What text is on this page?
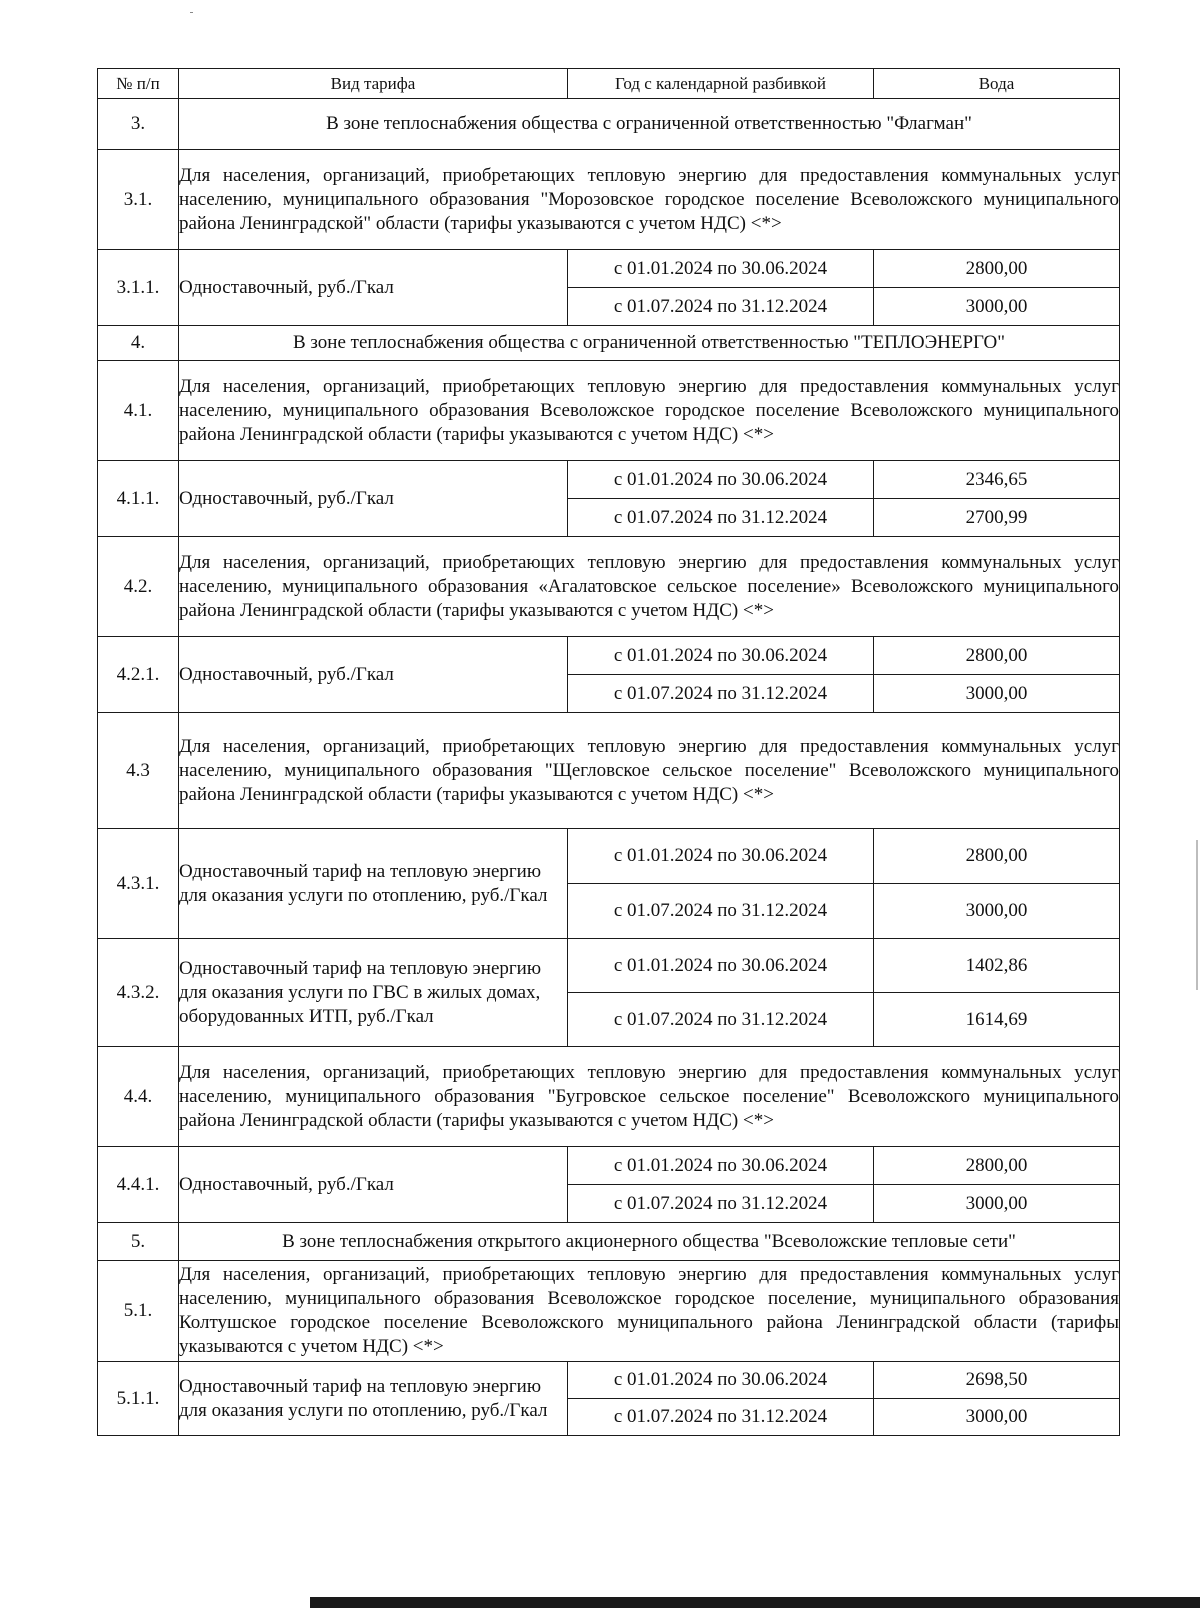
№ п/п	Вид тарифа	Год с календарной разбивкой	Вода
3.	В зоне теплоснабжения общества с ограниченной ответственностью "Флагман"		
3.1.	Для населения, организаций, приобретающих тепловую энергию для предоставления коммунальных услуг населению, муниципального образования "Морозовское городское поселение Всеволожского муниципального района Ленинградской" области (тарифы указываются с учетом НДС) <*>		
3.1.1.	Одноставочный, руб./Гкал	с 01.01.2024 по 30.06.2024	2800,00
		с 01.07.2024 по 31.12.2024	3000,00
4.	В зоне теплоснабжения общества с ограниченной ответственностью "ТЕПЛОЭНЕРГО"		
4.1.	Для населения, организаций, приобретающих тепловую энергию для предоставления коммунальных услуг населению, муниципального образования Всеволожское городское поселение Всеволожского муниципального района Ленинградской области (тарифы указываются с учетом НДС) <*>		
4.1.1.	Одноставочный, руб./Гкал	с 01.01.2024 по 30.06.2024	2346,65
		с 01.07.2024 по 31.12.2024	2700,99
4.2.	Для населения, организаций, приобретающих тепловую энергию для предоставления коммунальных услуг населению, муниципального образования «Агалатовское сельское поселение» Всеволожского муниципального района Ленинградской области (тарифы указываются с учетом НДС) <*>		
4.2.1.	Одноставочный, руб./Гкал	с 01.01.2024 по 30.06.2024	2800,00
		с 01.07.2024 по 31.12.2024	3000,00
4.3	Для населения, организаций, приобретающих тепловую энергию для предоставления коммунальных услуг населению, муниципального образования "Щегловское сельское поселение" Всеволожского муниципального района Ленинградской области (тарифы указываются с учетом НДС) <*>		
4.3.1.	Одноставочный тариф на тепловую энергию для оказания услуги по отоплению, руб./Гкал	с 01.01.2024 по 30.06.2024	2800,00
		с 01.07.2024 по 31.12.2024	3000,00
4.3.2.	Одноставочный тариф на тепловую энергию для оказания услуги по ГВС в жилых домах, оборудованных ИТП, руб./Гкал	с 01.01.2024 по 30.06.2024	1402,86
		с 01.07.2024 по 31.12.2024	1614,69
4.4.	Для населения, организаций, приобретающих тепловую энергию для предоставления коммунальных услуг населению, муниципального образования "Бугровское сельское поселение" Всеволожского муниципального района Ленинградской области (тарифы указываются с учетом НДС) <*>		
4.4.1.	Одноставочный, руб./Гкал	с 01.01.2024 по 30.06.2024	2800,00
		с 01.07.2024 по 31.12.2024	3000,00
5.	В зоне теплоснабжения открытого акционерного общества "Всеволожские тепловые сети"		
5.1.	Для населения, организаций, приобретающих тепловую энергию для предоставления коммунальных услуг населению, муниципального образования Всеволожское городское поселение, муниципального образования Колтушское городское поселение Всеволожского муниципального района Ленинградской области (тарифы указываются с учетом НДС) <*>		
5.1.1.	Одноставочный тариф на тепловую энергию для оказания услуги по отоплению, руб./Гкал	с 01.01.2024 по 30.06.2024	2698,50
		с 01.07.2024 по 31.12.2024	3000,00
